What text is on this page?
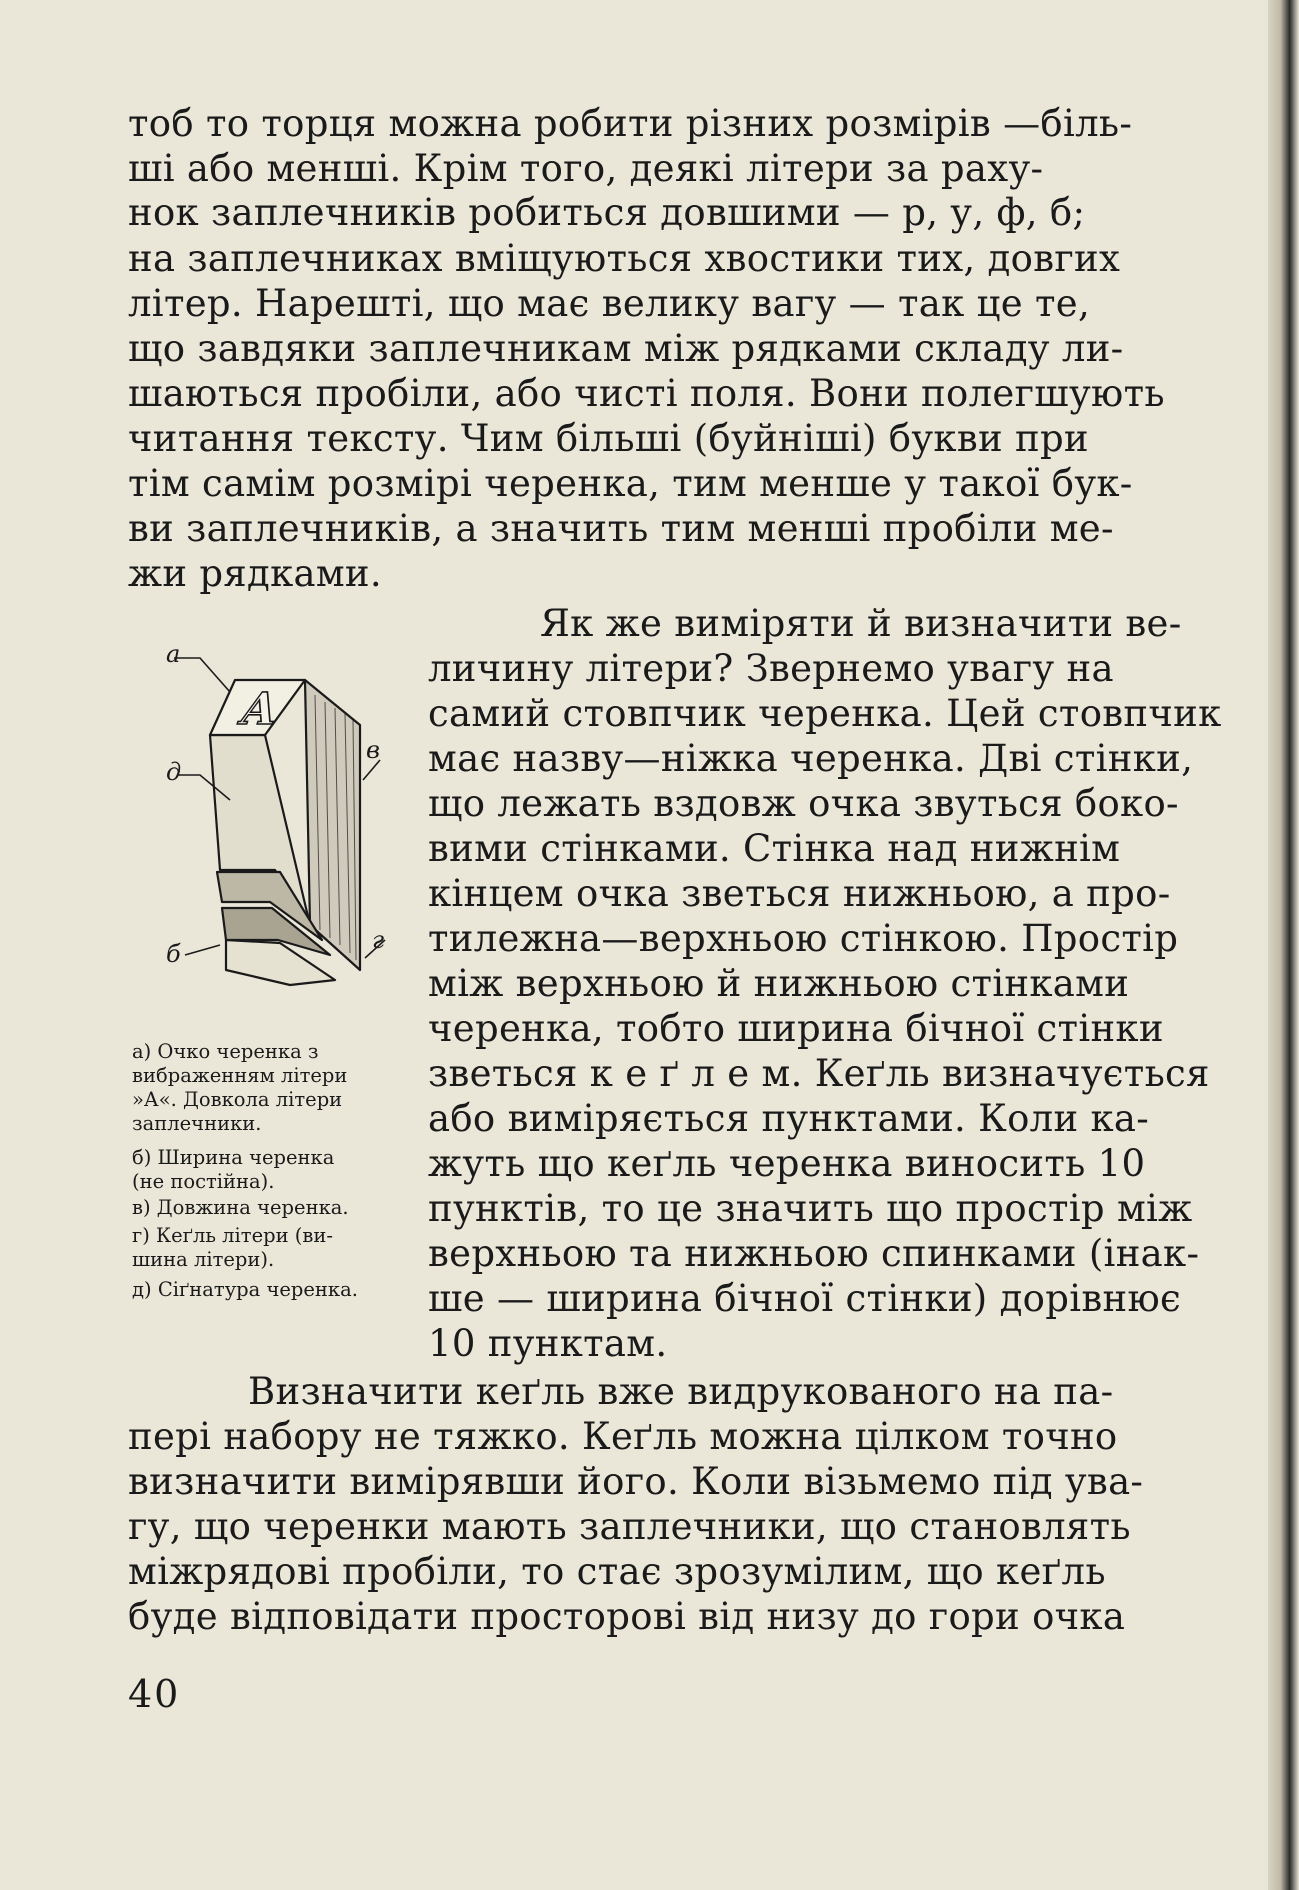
тоб то торця можна робити різних розмірів —біль-

ші або менші. Крім того, деякі літери за раху-

нок заплечників робиться довшими — р, у, ф, б;

на заплечниках вміщуються хвостики тих, довгих

літер. Нарешті, що має велику вагу — так це те,

що завдяки заплечникам між рядками складу ли-

шаються пробіли, або чисті поля. Вони полегшують

читання тексту. Чим більші (буйніші) букви при

тім самім розмірі черенка, тим менше у такої бук-

ви заплечників, а значить тим менші пробіли ме-

жи рядками.

Як же виміряти й визначити ве-

личину літери? Звернемо увагу на

самий стовпчик черенка. Цей стовпчик

має назву—ніжка черенка. Дві стінки,

що лежать вздовж очка звуться боко-

вими стінками. Стінка над нижнім

кінцем очка зветься нижньою, а про-

тилежна—верхньою стінкою. Простір

між верхньою й нижньою стінками

черенка, тобто ширина бічної стінки

зветься к е ґ л е м. Кеґль визначується

або виміряється пунктами. Коли ка-

жуть що кеґль черенка виносить 10

пунктів, то це значить що простір між

верхньою та нижньою спинками (інак-

ше — ширина бічної стінки) дорівнює

10 пунктам.

а) Очко черенка з

вибраженням літери

»А«. Довкола літери

заплечники.

б) Ширина черенка

(не постійна).

в) Довжина черенка.

г) Кеґль літери (ви-

шина літери).

д) Сіґнатура черенка.

Визначити кеґль вже видрукованого на па-

пері набору не тяжко. Кеґль можна цілком точно

визначити вимірявши його. Коли візьмемо під ува-

гу, що черенки мають заплечники, що становлять

міжрядові пробіли, то стає зрозумілим, що кеґль

буде відповідати просторові від низу до гори очка

40

А
а
д
в
г
б
